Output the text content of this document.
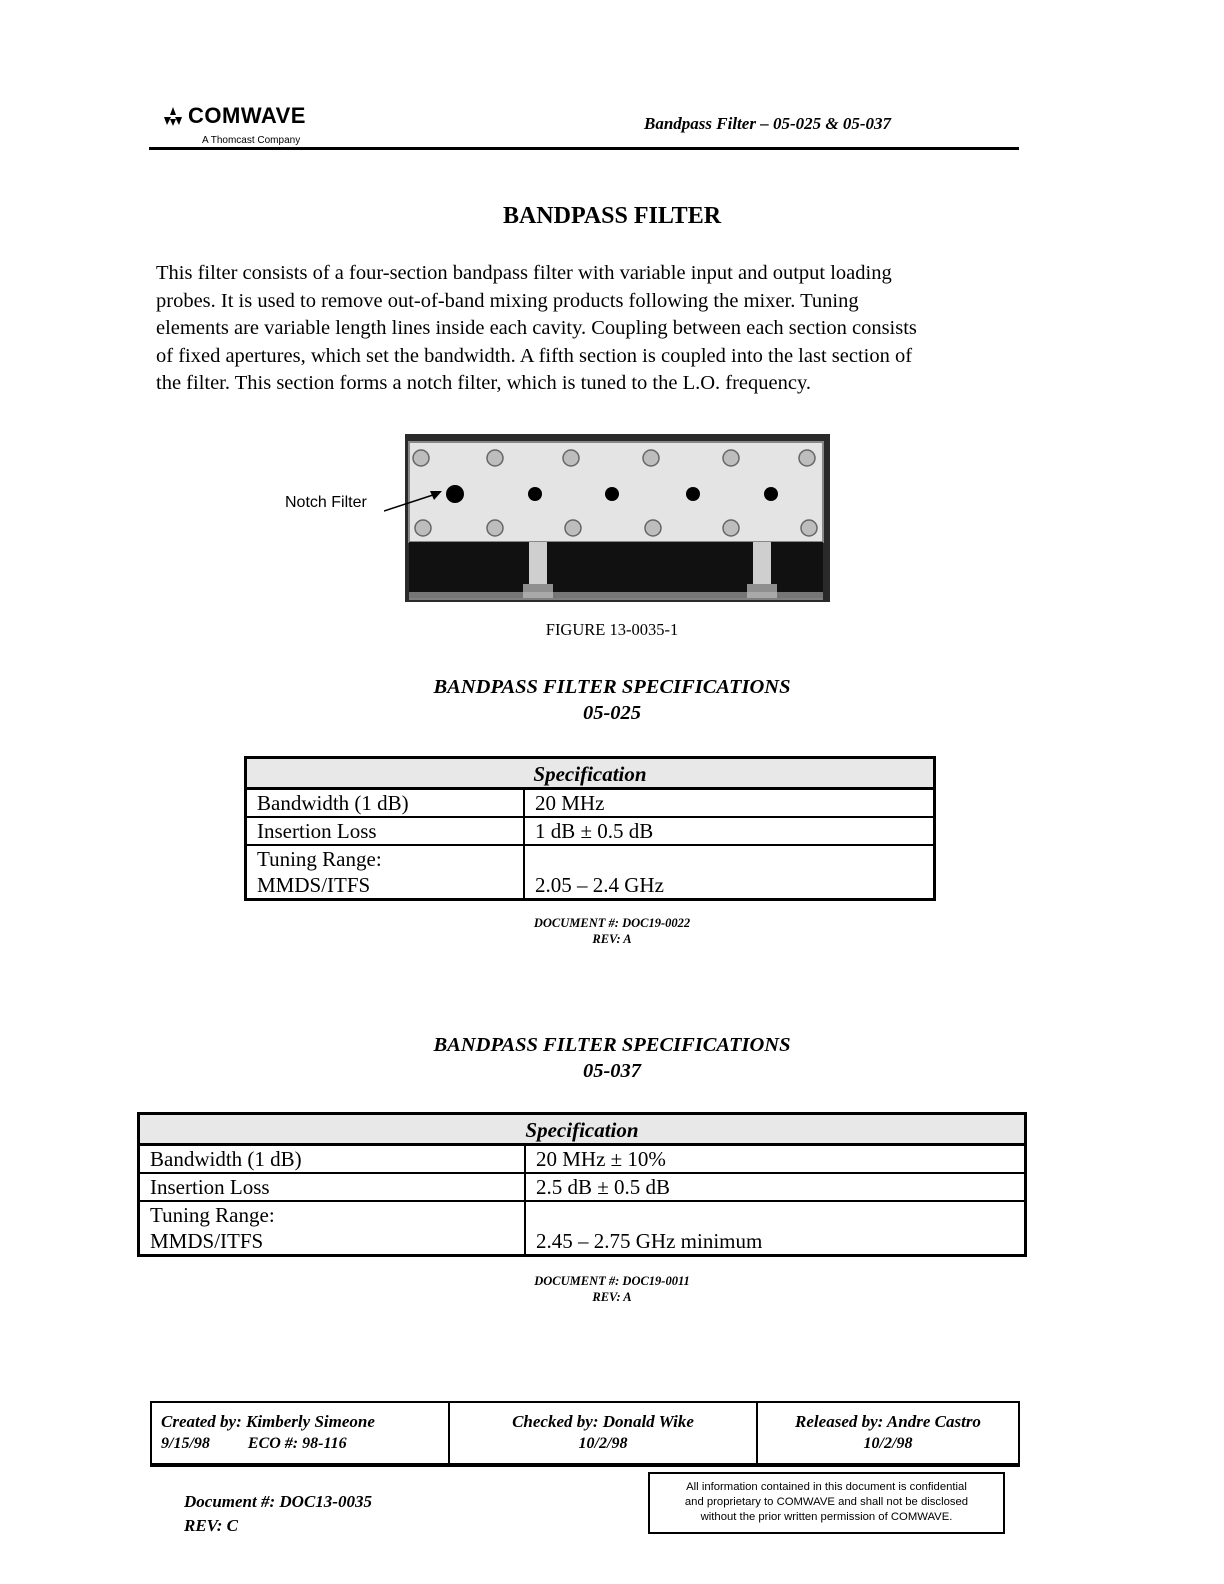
COMWAVE
A Thomcast Company
Bandpass Filter – 05-025 & 05-037
BANDPASS FILTER
This filter consists of a four-section bandpass filter with variable input and output loading
probes. It is used to remove out-of-band mixing products following the mixer. Tuning
elements are variable length lines inside each cavity. Coupling between each section consists
of fixed apertures, which set the bandwidth. A fifth section is coupled into the last section of
the filter. This section forms a notch filter, which is tuned to the L.O. frequency.
Notch Filter
FIGURE 13-0035-1
BANDPASS FILTER SPECIFICATIONS
05-025
Specification	
Bandwidth (1 dB)	20 MHz
Insertion Loss	1 dB ± 0.5 dB

Tuning Range:
MMDS/ITFS	2.05 – 2.4 GHz
DOCUMENT #: DOC19-0022
REV: A
BANDPASS FILTER SPECIFICATIONS
05-037
Specification	
Bandwidth (1 dB)	20 MHz ± 10%
Insertion Loss	2.5 dB ± 0.5 dB

Tuning Range:
MMDS/ITFS	2.45 – 2.75 GHz minimum
DOCUMENT #: DOC19-0011
REV: A
Created by: Kimberly Simeone
9/15/98 ECO #: 98-116
Checked by: Donald Wike
10/2/98
Released by: Andre Castro
10/2/98
Document #: DOC13-0035
REV: C
All information contained in this document is confidential
and proprietary to COMWAVE and shall not be disclosed
without the prior written permission of COMWAVE.
